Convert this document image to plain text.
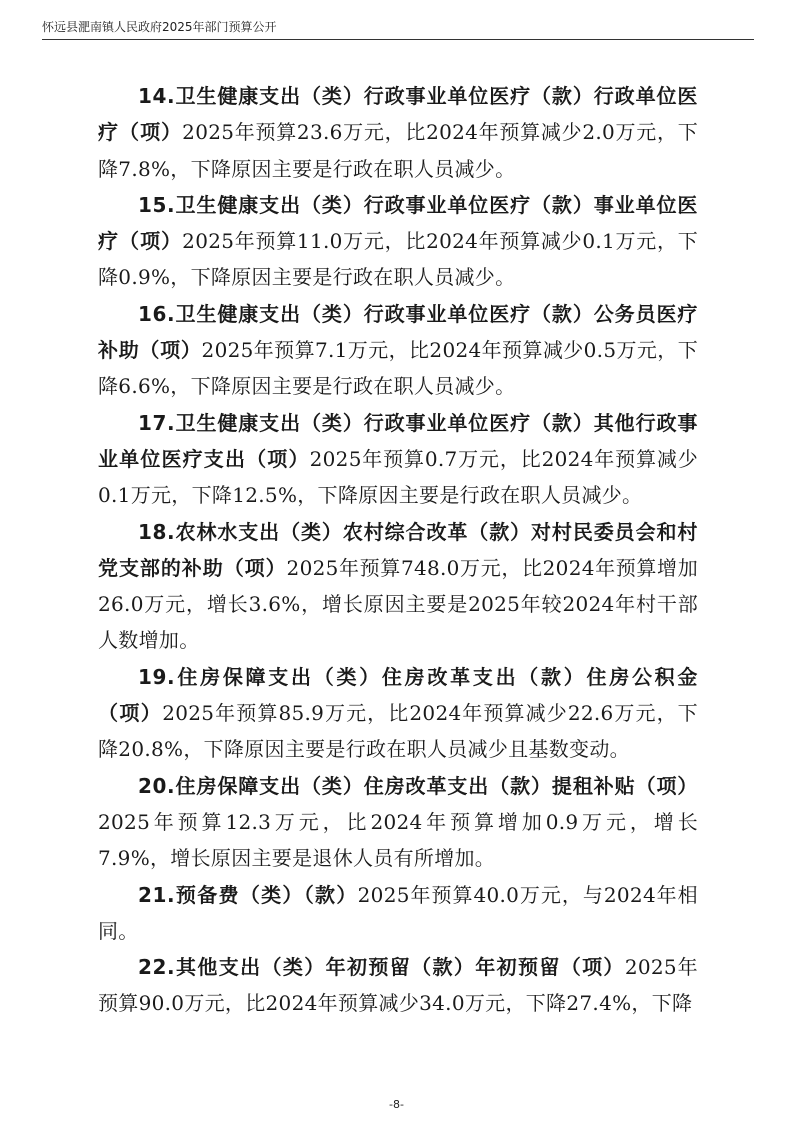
怀远县淝南镇人民政府2025年部门预算公开

14.卫生健康支出（类）行政事业单位医疗（款）行政单位医疗（项）2025年预算23.6万元，比2024年预算减少2.0万元，下降7.8%，下降原因主要是行政在职人员减少。

15.卫生健康支出（类）行政事业单位医疗（款）事业单位医疗（项）2025年预算11.0万元，比2024年预算减少0.1万元，下降0.9%，下降原因主要是行政在职人员减少。

16.卫生健康支出（类）行政事业单位医疗（款）公务员医疗补助（项）2025年预算7.1万元，比2024年预算减少0.5万元，下降6.6%，下降原因主要是行政在职人员减少。

17.卫生健康支出（类）行政事业单位医疗（款）其他行政事业单位医疗支出（项）2025年预算0.7万元，比2024年预算减少0.1万元，下降12.5%，下降原因主要是行政在职人员减少。

18.农林水支出（类）农村综合改革（款）对村民委员会和村党支部的补助（项）2025年预算748.0万元，比2024年预算增加26.0万元，增长3.6%，增长原因主要是2025年较2024年村干部人数增加。

19.住房保障支出（类）住房改革支出（款）住房公积金（项）2025年预算85.9万元，比2024年预算减少22.6万元，下降20.8%，下降原因主要是行政在职人员减少且基数变动。

20.住房保障支出（类）住房改革支出（款）提租补贴（项）2025年预算12.3万元，比2024年预算增加0.9万元，增长7.9%，增长原因主要是退休人员有所增加。

21.预备费（类）（款）2025年预算40.0万元，与2024年相同。

22.其他支出（类）年初预留（款）年初预留（项）2025年预算90.0万元，比2024年预算减少34.0万元，下降27.4%，下降

-8-
